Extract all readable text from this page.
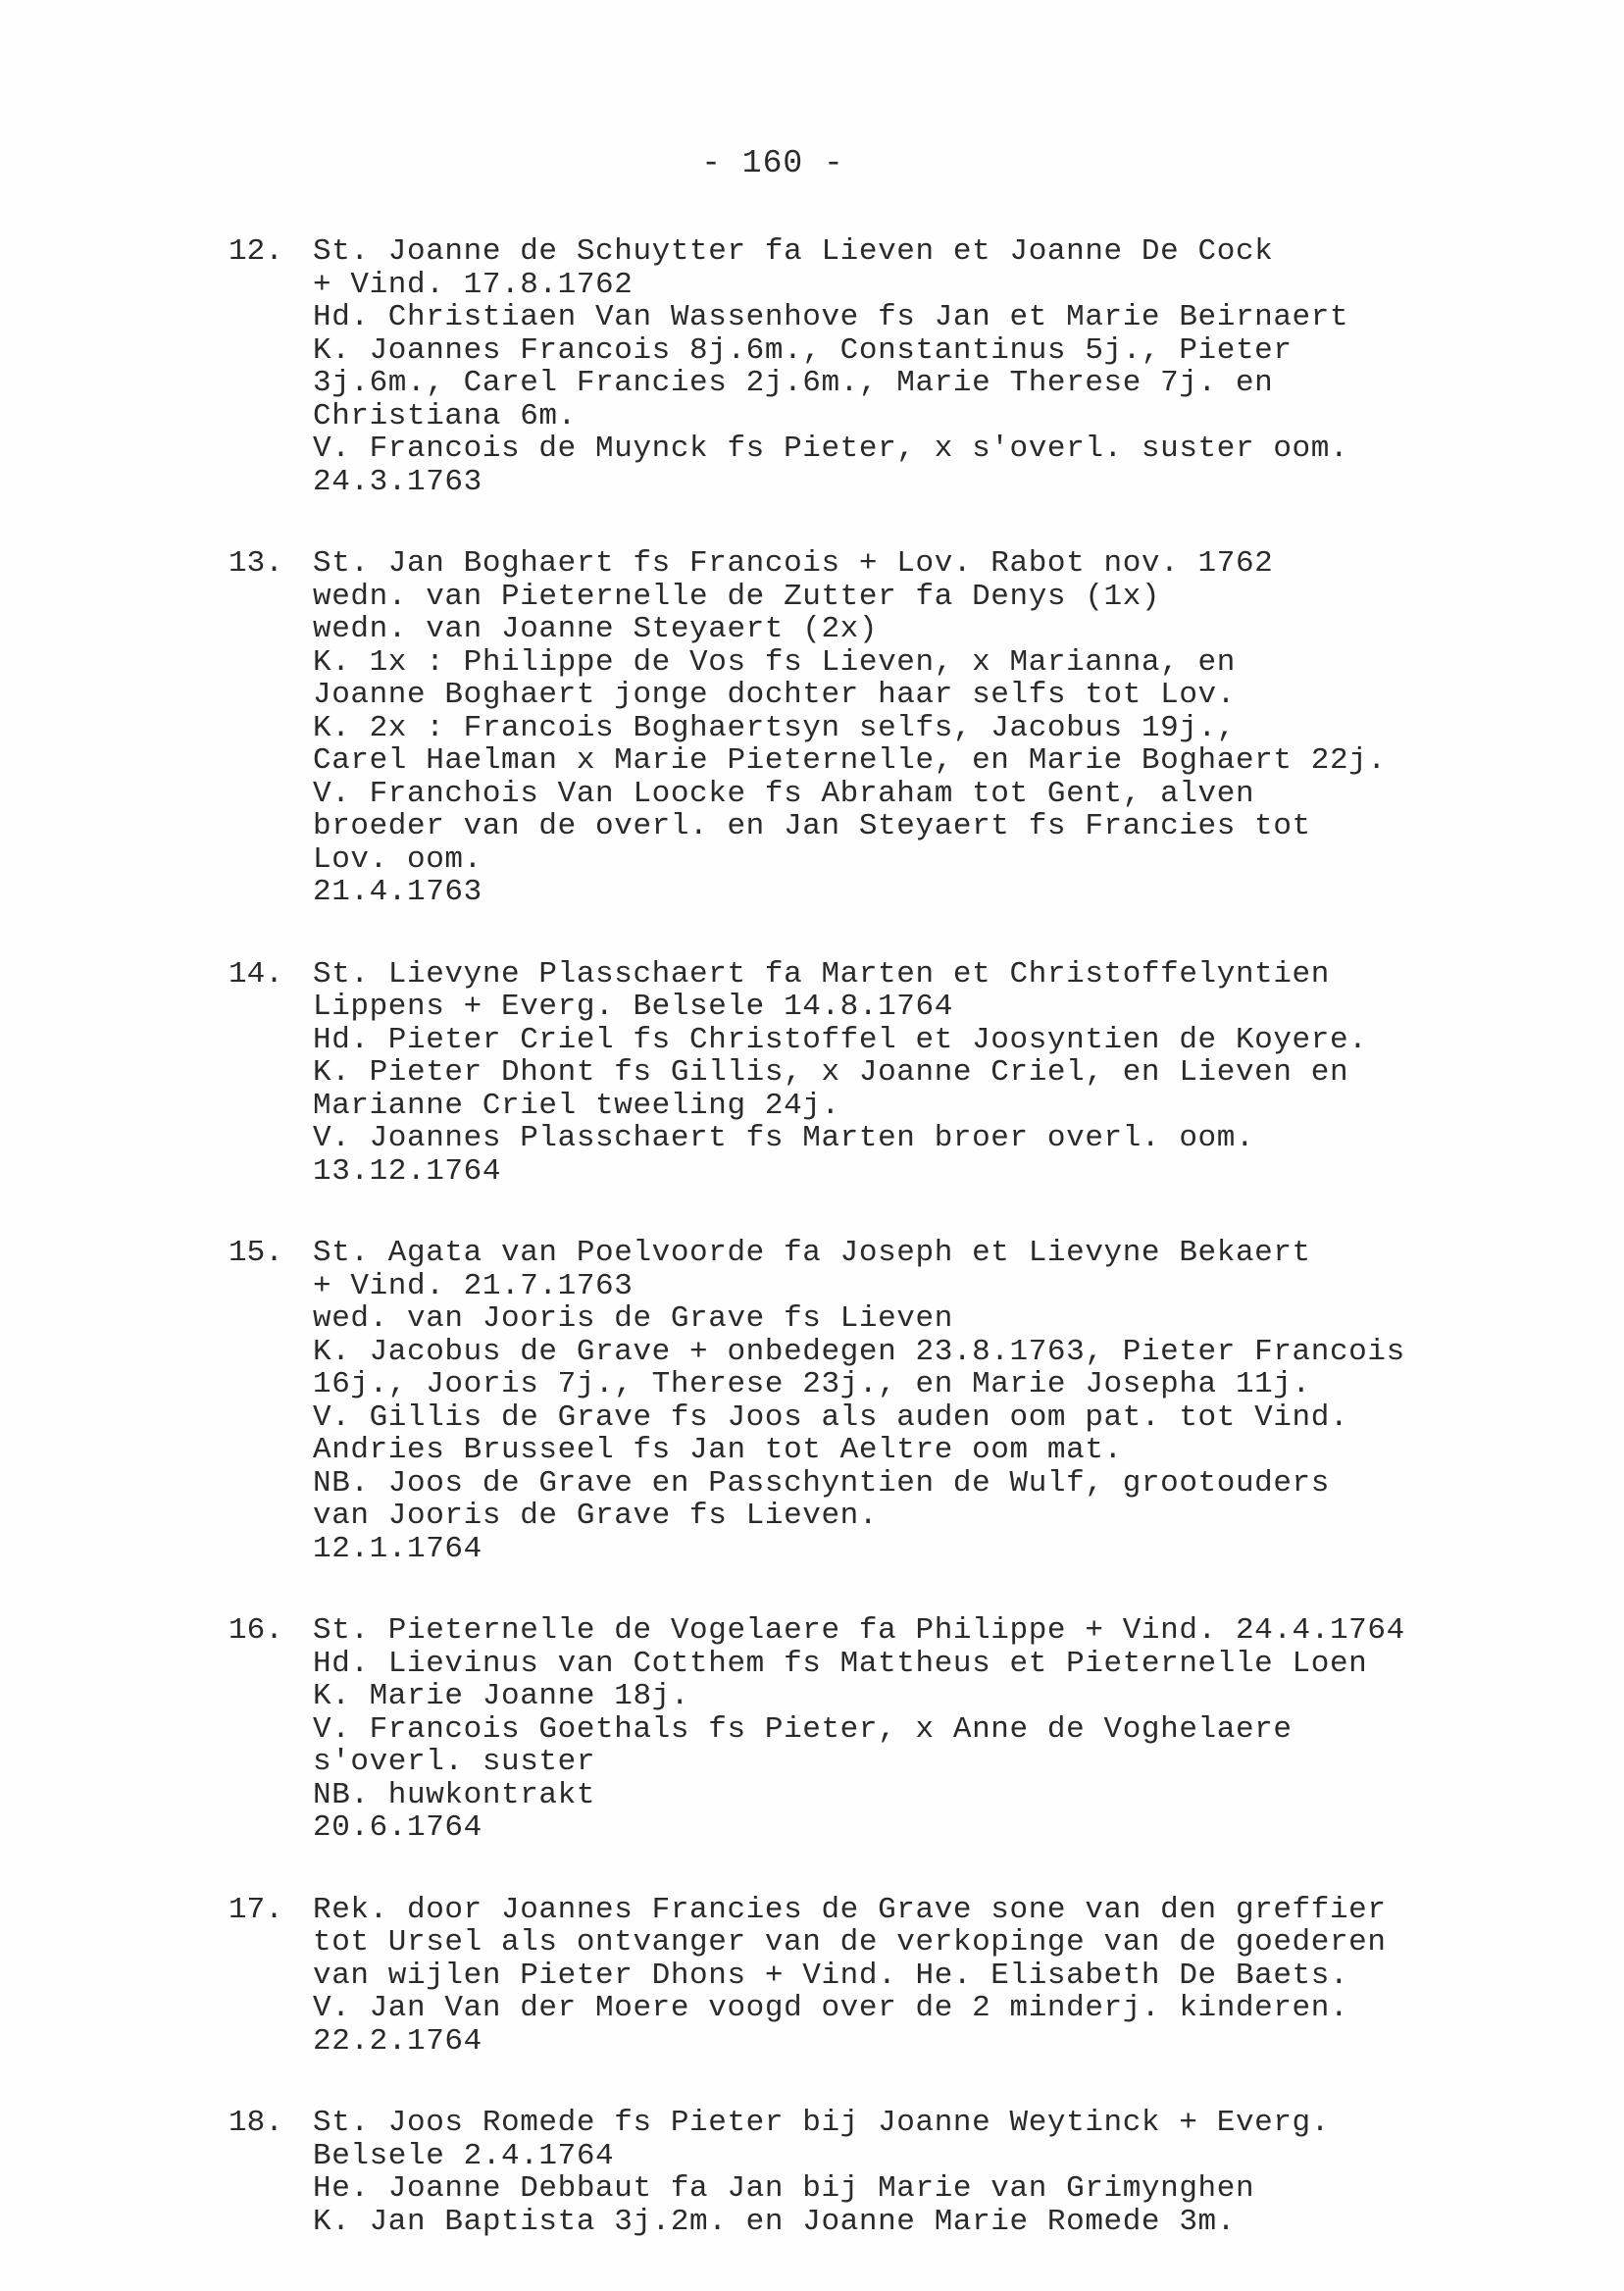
- 160 -
12. St. Joanne de Schuytter fa Lieven et Joanne De Cock
+ Vind. 17.8.1762
Hd. Christiaen Van Wassenhove fs Jan et Marie Beirnaert
K. Joannes Francois 8j.6m., Constantinus 5j., Pieter
3j.6m., Carel Francies 2j.6m., Marie Therese 7j. en
Christiana 6m.
V. Francois de Muynck fs Pieter, x s'overl. suster oom.
24.3.1763
13. St. Jan Boghaert fs Francois + Lov. Rabot nov. 1762
wedn. van Pieternelle de Zutter fa Denys (1x)
wedn. van Joanne Steyaert (2x)
K. 1x : Philippe de Vos fs Lieven, x Marianna, en
Joanne Boghaert jonge dochter haar selfs tot Lov.
K. 2x : Francois Boghaertsyn selfs, Jacobus 19j.,
Carel Haelman x Marie Pieternelle, en Marie Boghaert 22j.
V. Franchois Van Loocke fs Abraham tot Gent, alven
broeder van de overl. en Jan Steyaert fs Francies tot
Lov. oom.
21.4.1763
14. St. Lievyne Plasschaert fa Marten et Christoffelyntien
Lippens + Everg. Belsele 14.8.1764
Hd. Pieter Criel fs Christoffel et Joosyntien de Koyere.
K. Pieter Dhont fs Gillis, x Joanne Criel, en Lieven en
Marianne Criel tweeling 24j.
V. Joannes Plasschaert fs Marten broer overl. oom.
13.12.1764
15. St. Agata van Poelvoorde fa Joseph et Lievyne Bekaert
+ Vind. 21.7.1763
wed. van Jooris de Grave fs Lieven
K. Jacobus de Grave + onbedegen 23.8.1763, Pieter Francois
16j., Jooris 7j., Therese 23j., en Marie Josepha 11j.
V. Gillis de Grave fs Joos als auden oom pat. tot Vind.
Andries Brusseel fs Jan tot Aeltre oom mat.
NB. Joos de Grave en Passchyntien de Wulf, grootouders
van Jooris de Grave fs Lieven.
12.1.1764
16. St. Pieternelle de Vogelaere fa Philippe + Vind. 24.4.1764
Hd. Lievinus van Cotthem fs Mattheus et Pieternelle Loen
K. Marie Joanne 18j.
V. Francois Goethals fs Pieter, x Anne de Voghelaere
s'overl. suster
NB. huwkontrakt
20.6.1764
17. Rek. door Joannes Francies de Grave sone van den greffier
tot Ursel als ontvanger van de verkopinge van de goederen
van wijlen Pieter Dhons + Vind. He. Elisabeth De Baets.
V. Jan Van der Moere voogd over de 2 minderj. kinderen.
22.2.1764
18. St. Joos Romede fs Pieter bij Joanne Weytinck + Everg.
Belsele 2.4.1764
He. Joanne Debbaut fa Jan bij Marie van Grimynghen
K. Jan Baptista 3j.2m. en Joanne Marie Romede 3m.
